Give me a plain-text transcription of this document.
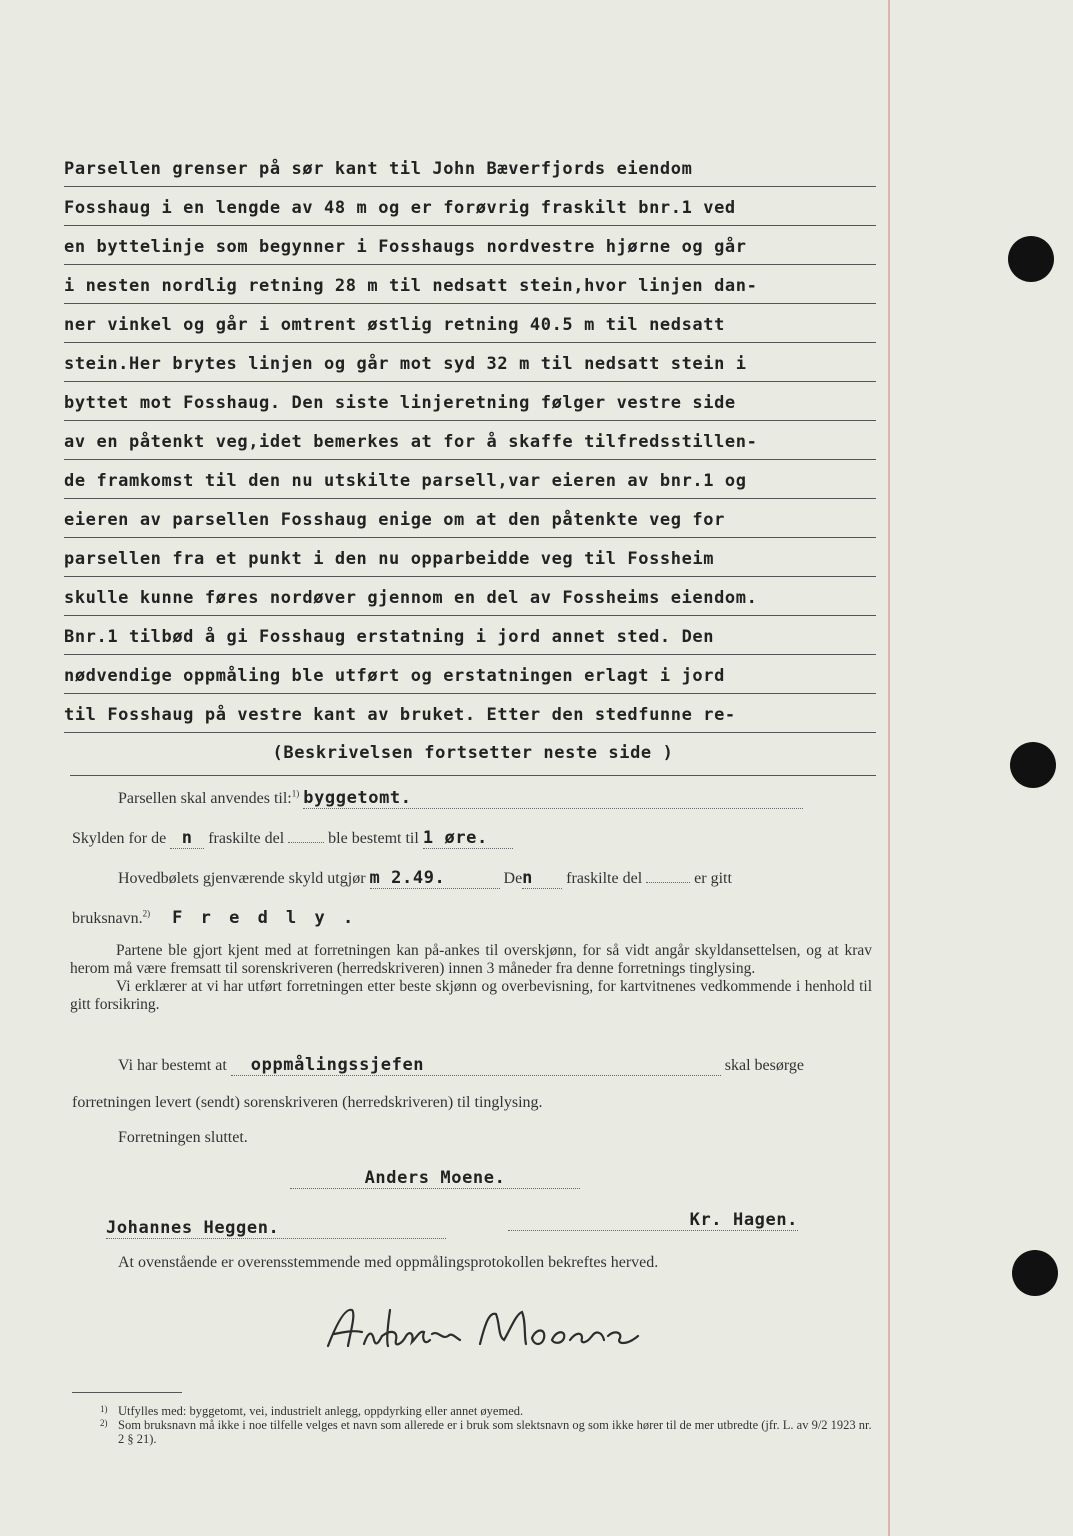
Parsellen grenser på sør kant til John Bæverfjords eiendom
Fosshaug i en lengde av 48 m og er forøvrig fraskilt bnr.1 ved
en byttelinje som begynner i Fosshaugs nordvestre hjørne og går
i nesten nordlig retning 28 m til nedsatt stein,hvor linjen dan-
ner vinkel og går i omtrent østlig retning 40.5 m til nedsatt
stein.Her brytes linjen og går mot syd 32 m til nedsatt stein i
byttet mot Fosshaug. Den siste linjeretning følger vestre side
av en påtenkt veg,idet bemerkes at for å skaffe tilfredsstillen-
de framkomst til den nu utskilte parsell,var eieren av bnr.1 og
eieren av parsellen Fosshaug enige om at den påtenkte veg for
parsellen fra et punkt i den nu opparbeidde veg til Fossheim
skulle kunne føres nordøver gjennom en del av Fossheims eiendom.
Bnr.1 tilbød å gi Fosshaug erstatning i jord annet sted. Den
nødvendige oppmåling ble utført og erstatningen erlagt i jord
til Fosshaug på vestre kant av bruket. Etter den stedfunne re-
(Beskrivelsen fortsetter neste side )
Parsellen skal anvendes til:$^{1)}$ byggetomt.
Skylden for de n fraskilte del	ble bestemt til 1 øre.
Hovedbølets gjenværende skyld utgjør m 2.49.	Den fraskilte del	er gitt
bruksnavn.$^{2)}$ F r e d l y .

Partene ble gjort kjent med at forretningen kan på-ankes til overskjønn, for så vidt angår skyldansettelsen, og at krav herom må være fremsatt til sorenskriveren (herredskriveren) innen 3 måneder fra denne forretnings tinglysing.

Vi erklærer at vi har utført forretningen etter beste skjønn og overbevisning, for kartvitnenes vedkommende i henhold til gitt forsikring.

Vi har bestemt at oppmålingssjefen	skal besørge
forretningen levert (sendt) sorenskriveren (herredskriveren) til tinglysing.
Forretningen sluttet.
Anders Moene.
Johannes Heggen.	Kr. Hagen.
At ovenstående er overensstemmende med oppmålingsprotokollen bekreftes herved.
1) Utfylles med: byggetomt, vei, industrielt anlegg, oppdyrking eller annet øyemed.
2) Som bruksnavn må ikke i noe tilfelle velges et navn som allerede er i bruk som slektsnavn og som ikke hører til de mer utbredte (jfr. L. av 9/2 1923 nr. 2 § 21).
